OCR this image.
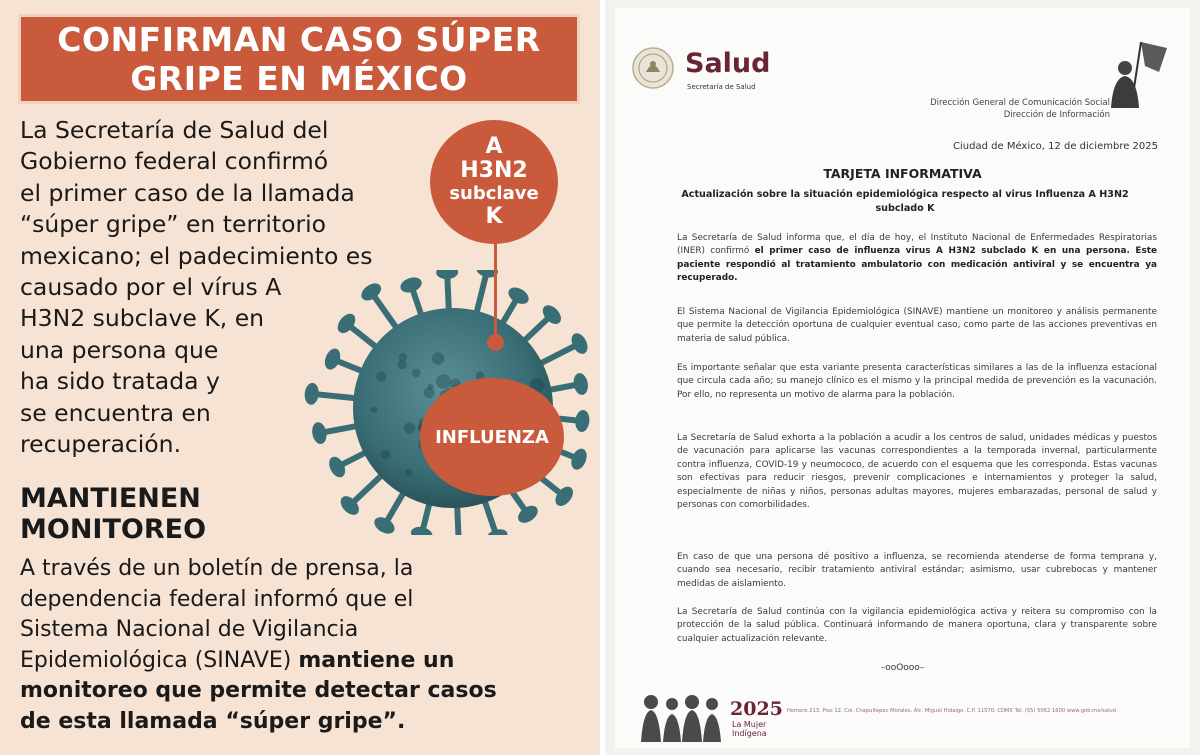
CONFIRMAN CASO SÚPER
GRIPE EN MÉXICO
La Secretaría de Salud del
Gobierno federal confirmó
el primer caso de la llamada
“súper gripe” en territorio
mexicano; el padecimiento es
causado por el vírus A
H3N2 subclave K, en
una persona que
ha sido tratada y
se encuentra en
recuperación.
A
H3N2
subclave
K
INFLUENZA
MANTIENEN
MONITOREO
A través de un boletín de prensa, la
dependencia federal informó que el
Sistema Nacional de Vigilancia
Epidemiológica (SINAVE) mantiene un
monitoreo que permite detectar casos
de esta llamada “súper gripe”.
Salud
Secretaría de Salud
Dirección General de Comunicación Social
Dirección de Información
Ciudad de México, 12 de diciembre 2025
TARJETA INFORMATIVA
Actualización sobre la situación epidemiológica respecto al virus Influenza A H3N2
subclado K
La Secretaría de Salud informa que, el día de hoy, el Instituto Nacional de Enfermedades Respiratorias (INER) confirmó el primer caso de influenza virus A H3N2 subclado K en una persona. Este paciente respondió al tratamiento ambulatorio con medicación antiviral y se encuentra ya recuperado.
El Sistema Nacional de Vigilancia Epidemiológica (SINAVE) mantiene un monitoreo y análisis permanente que permite la detección oportuna de cualquier eventual caso, como parte de las acciones preventivas en materia de salud pública.
Es importante señalar que esta variante presenta características similares a las de la influenza estacional que circula cada año; su manejo clínico es el mismo y la principal medida de prevención es la vacunación. Por ello, no representa un motivo de alarma para la población.
La Secretaría de Salud exhorta a la población a acudir a los centros de salud, unidades médicas y puestos de vacunación para aplicarse las vacunas correspondientes a la temporada invernal, particularmente contra influenza, COVID-19 y neumococo, de acuerdo con el esquema que les corresponda. Estas vacunas son efectivas para reducir riesgos, prevenir complicaciones e internamientos y proteger la salud, especialmente de niñas y niños, personas adultas mayores, mujeres embarazadas, personal de salud y personas con comorbilidades.
En caso de que una persona dé positivo a influenza, se recomienda atenderse de forma temprana y, cuando sea necesario, recibir tratamiento antiviral estándar; asimismo, usar cubrebocas y mantener medidas de aislamiento.
La Secretaría de Salud continúa con la vigilancia epidemiológica activa y reitera su compromiso con la protección de la salud pública. Continuará informando de manera oportuna, clara y transparente sobre cualquier actualización relevante.
–ooOooo–
2025
La Mujer
Indígena
Homero 213, Piso 12, Col. Chapultepec Morales, Alc. Miguel Hidalgo, C.P. 11570, CDMX Tel. (55) 5062 1600 www.gob.mx/salud
